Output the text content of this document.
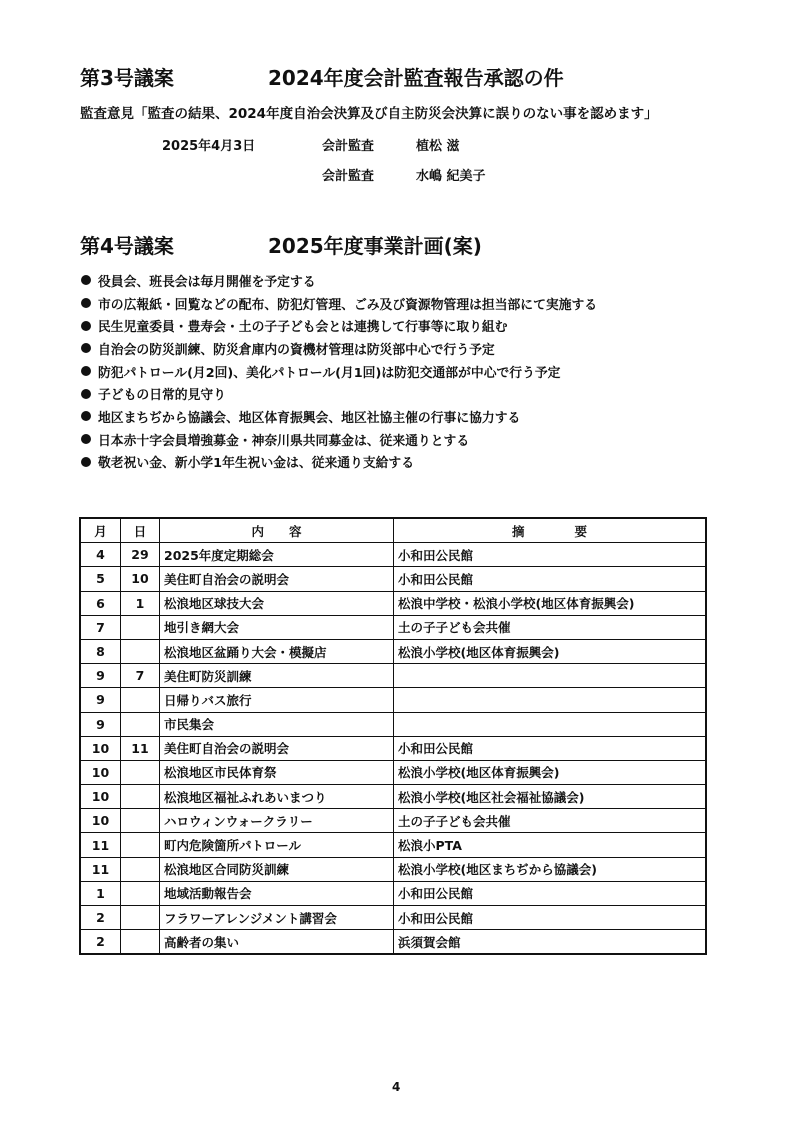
第3号議案	2024年度会計監査報告承認の件
監査意見「監査の結果、2024年度自治会決算及び自主防災会決算に誤りのない事を認めます」
2025年4月3日	会計監査	植松 滋
会計監査	水嶋 紀美子
第4号議案	2025年度事業計画(案)
役員会、班長会は毎月開催を予定する
市の広報紙・回覧などの配布、防犯灯管理、ごみ及び資源物管理は担当部にて実施する
民生児童委員・豊寿会・土の子子ども会とは連携して行事等に取り組む
自治会の防災訓練、防災倉庫内の資機材管理は防災部中心で行う予定
防犯パトロール(月2回)、美化パトロール(月1回)は防犯交通部が中心で行う予定
子どもの日常的見守り
地区まちぢから協議会、地区体育振興会、地区社協主催の行事に協力する
日本赤十字会員増強募金・神奈川県共同募金は、従来通りとする
敬老祝い金、新小学1年生祝い金は、従来通り支給する
月	日	内　　容	摘　　　　要
4	29	2025年度定期総会	小和田公民館
5	10	美住町自治会の説明会	小和田公民館
6	1	松浪地区球技大会	松浪中学校・松浪小学校(地区体育振興会)
7		地引き網大会	土の子子ども会共催
8		松浪地区盆踊り大会・模擬店	松浪小学校(地区体育振興会)
9	7	美住町防災訓練	
9		日帰りバス旅行	
9		市民集会	
10	11	美住町自治会の説明会	小和田公民館
10		松浪地区市民体育祭	松浪小学校(地区体育振興会)
10		松浪地区福祉ふれあいまつり	松浪小学校(地区社会福祉協議会)
10		ハロウィンウォークラリー	土の子子ども会共催
11		町内危険箇所パトロール	松浪小PTA
11		松浪地区合同防災訓練	松浪小学校(地区まちぢから協議会)
1		地域活動報告会	小和田公民館
2		フラワーアレンジメント講習会	小和田公民館
2		高齢者の集い	浜須賀会館
4
